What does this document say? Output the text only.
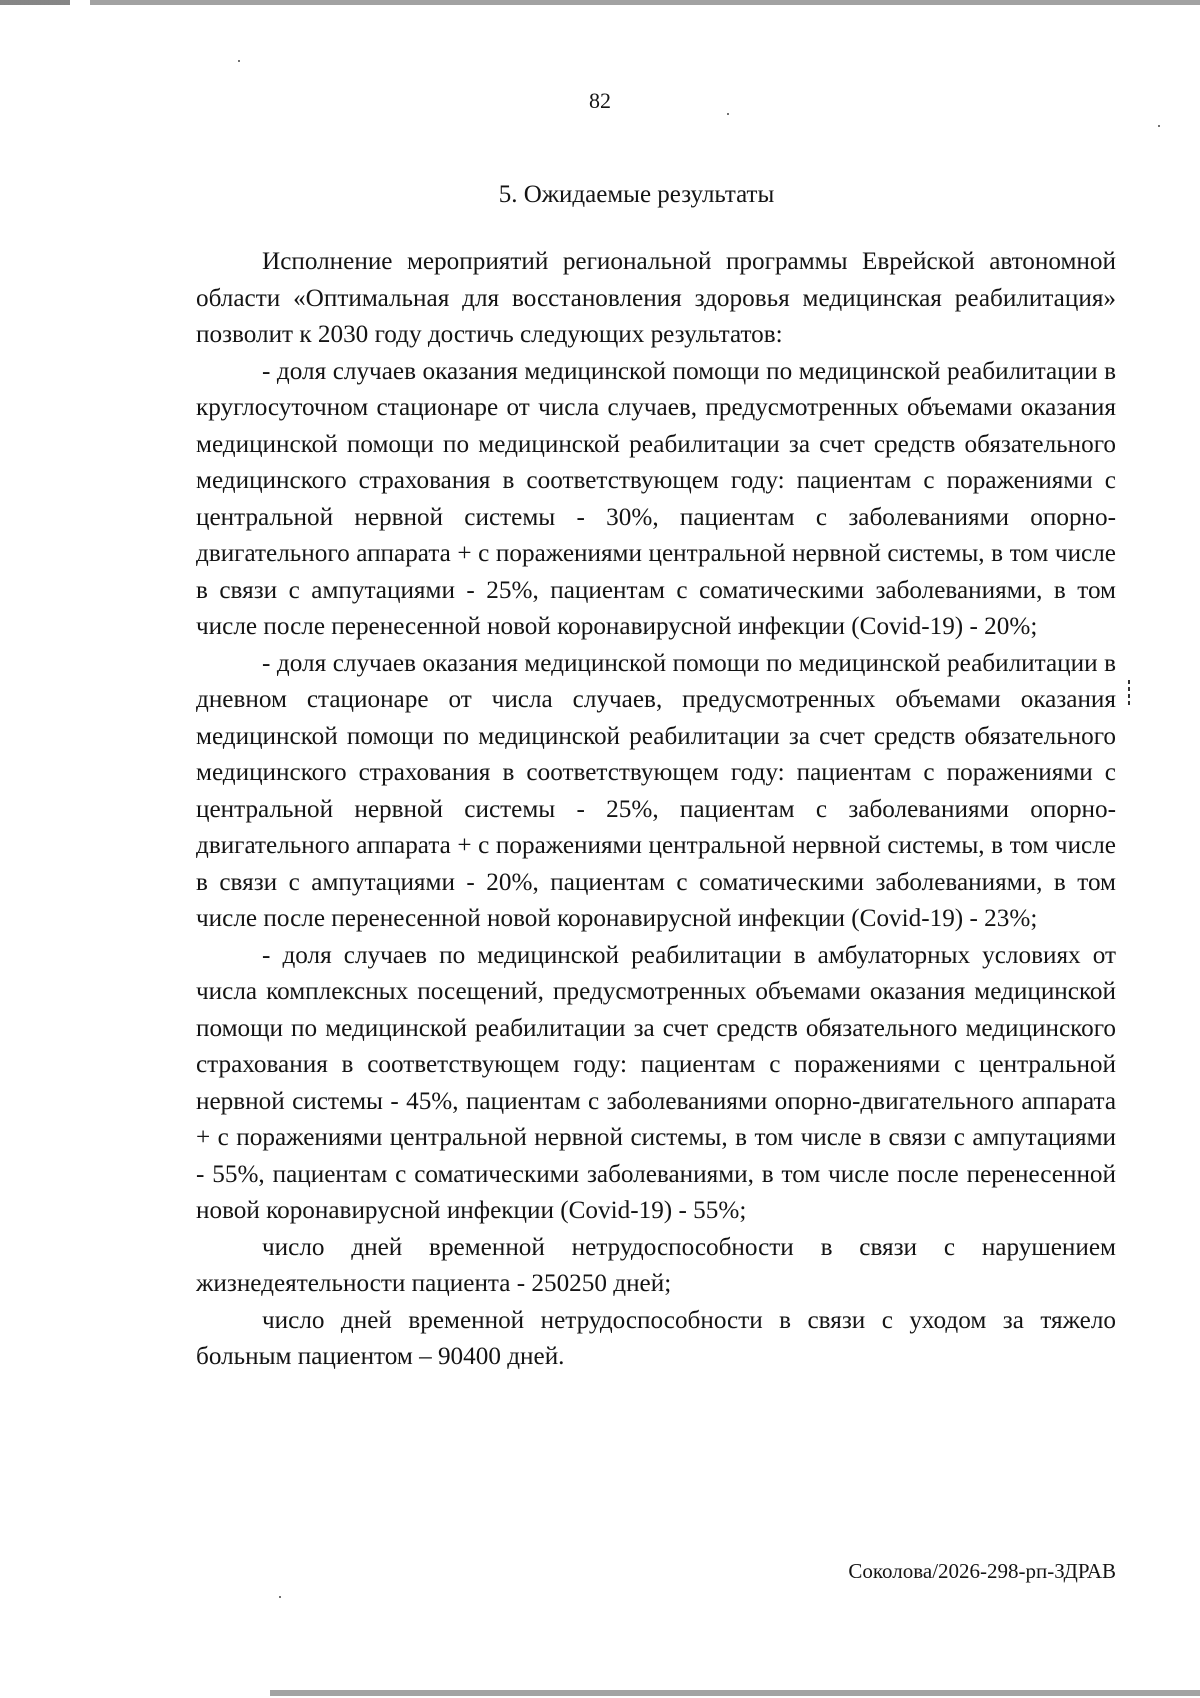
82
5. Ожидаемые результаты

Исполнение мероприятий региональной программы Еврейской автономной области «Оптимальная для восстановления здоровья медицинская реабилитация» позволит к 2030 году достичь следующих результатов:

- доля случаев оказания медицинской помощи по медицинской реабилитации в круглосуточном стационаре от числа случаев, предусмотренных объемами оказания медицинской помощи по медицинской реабилитации за счет средств обязательного медицинского страхования в соответствующем году: пациентам с поражениями с центральной нервной системы - 30%, пациентам с заболеваниями опорно-двигательного аппарата + с поражениями центральной нервной системы, в том числе в связи с ампутациями - 25%, пациентам с соматическими заболеваниями, в том числе после перенесенной новой коронавирусной инфекции (Covid-19) - 20%;

- доля случаев оказания медицинской помощи по медицинской реабилитации в дневном стационаре от числа случаев, предусмотренных объемами оказания медицинской помощи по медицинской реабилитации за счет средств обязательного медицинского страхования в соответствующем году: пациентам с поражениями с центральной нервной системы - 25%, пациентам с заболеваниями опорно-двигательного аппарата + с поражениями центральной нервной системы, в том числе в связи с ампутациями - 20%, пациентам с соматическими заболеваниями, в том числе после перенесенной новой коронавирусной инфекции (Covid-19) - 23%;

- доля случаев по медицинской реабилитации в амбулаторных условиях от числа комплексных посещений, предусмотренных объемами оказания медицинской помощи по медицинской реабилитации за счет средств обязательного медицинского страхования в соответствующем году: пациентам с поражениями с центральной нервной системы - 45%, пациентам с заболеваниями опорно-двигательного аппарата + с поражениями центральной нервной системы, в том числе в связи с ампутациями - 55%, пациентам с соматическими заболеваниями, в том числе после перенесенной новой коронавирусной инфекции (Covid-19) - 55%;

число дней временной нетрудоспособности в связи с нарушением жизнедеятельности пациента - 250250 дней;

число дней временной нетрудоспособности в связи с уходом за тяжело больным пациентом – 90400 дней.

Соколова/2026-298-рп-ЗДРАВ
